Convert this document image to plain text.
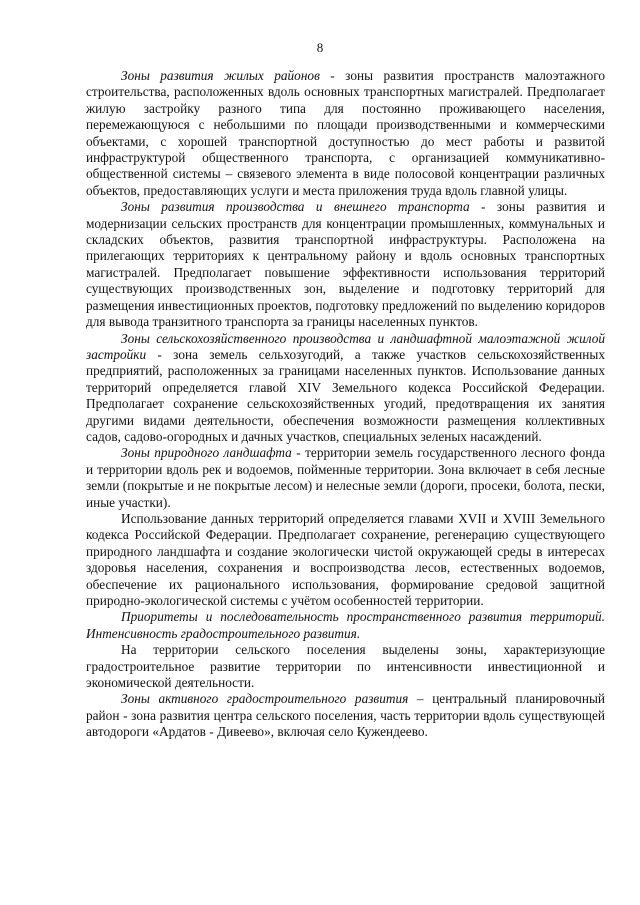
8

Зоны развития жилых районов - зоны развития пространств малоэтажного строительства, расположенных вдоль основных транспортных магистралей. Предполагает жилую застройку разного типа для постоянно проживающего населения, перемежающуюся с небольшими по площади производственными и коммерческими объектами, с хорошей транспортной доступностью до мест работы и развитой инфраструктурой общественного транспорта, с организацией коммуникативно-общественной системы – связевого элемента в виде полосовой концентрации различных объектов, предоставляющих услуги и места приложения труда вдоль главной улицы.

Зоны развития производства и внешнего транспорта - зоны развития и модернизации сельских пространств для концентрации промышленных, коммунальных и складских объектов, развития транспортной инфраструктуры. Расположена на прилегающих территориях к центральному району и вдоль основных транспортных магистралей. Предполагает повышение эффективности использования территорий существующих производственных зон, выделение и подготовку территорий для размещения инвестиционных проектов, подготовку предложений по выделению коридоров для вывода транзитного транспорта за границы населенных пунктов.

Зоны сельскохозяйственного производства и ландшафтной малоэтажной жилой застройки - зона земель сельхозугодий, а также участков сельскохозяйственных предприятий, расположенных за границами населенных пунктов. Использование данных территорий определяется главой XIV Земельного кодекса Российской Федерации. Предполагает сохранение сельскохозяйственных угодий, предотвращения их занятия другими видами деятельности, обеспечения возможности размещения коллективных садов, садово-огородных и дачных участков, специальных зеленых насаждений.

Зоны природного ландшафта - территории земель государственного лесного фонда и территории вдоль рек и водоемов, пойменные территории. Зона включает в себя лесные земли (покрытые и не покрытые лесом) и нелесные земли (дороги, просеки, болота, пески, иные участки).

Использование данных территорий определяется главами XVII и XVIII Земельного кодекса Российской Федерации. Предполагает сохранение, регенерацию существующего природного ландшафта и создание экологически чистой окружающей среды в интересах здоровья населения, сохранения и воспроизводства лесов, естественных водоемов, обеспечение их рационального использования, формирование средовой защитной природно-экологической системы с учётом особенностей территории.

Приоритеты и последовательность пространственного развития территорий. Интенсивность градостроительного развития.

На территории сельского поселения выделены зоны, характеризующие градостроительное развитие территории по интенсивности инвестиционной и экономической деятельности.

Зоны активного градостроительного развития – центральный планировочный район - зона развития центра сельского поселения, часть территории вдоль существующей автодороги «Ардатов - Дивеево», включая село Кужендеево.
